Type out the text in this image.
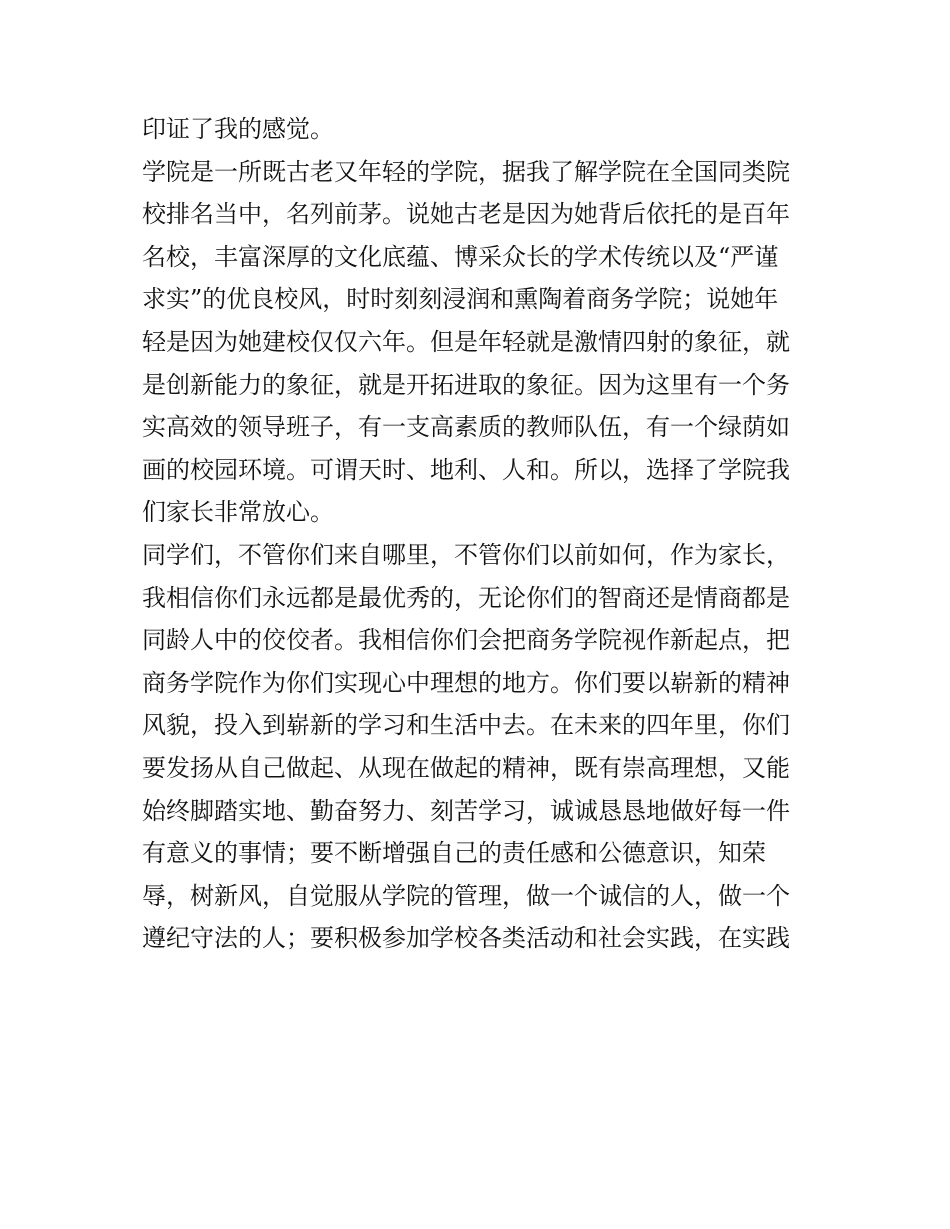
印证了我的感觉。
学院是一所既古老又年轻的学院，据我了解学院在全国同类院
校排名当中，名列前茅。说她古老是因为她背后依托的是百年
名校，丰富深厚的文化底蕴、博采众长的学术传统以及“严谨
求实”的优良校风，时时刻刻浸润和熏陶着商务学院；说她年
轻是因为她建校仅仅六年。但是年轻就是激情四射的象征，就
是创新能力的象征，就是开拓进取的象征。因为这里有一个务
实高效的领导班子，有一支高素质的教师队伍，有一个绿荫如
画的校园环境。可谓天时、地利、人和。所以，选择了学院我
们家长非常放心。
同学们，不管你们来自哪里，不管你们以前如何，作为家长，
我相信你们永远都是最优秀的，无论你们的智商还是情商都是
同龄人中的佼佼者。我相信你们会把商务学院视作新起点，把
商务学院作为你们实现心中理想的地方。你们要以崭新的精神
风貌，投入到崭新的学习和生活中去。在未来的四年里，你们
要发扬从自己做起、从现在做起的精神，既有崇高理想，又能
始终脚踏实地、勤奋努力、刻苦学习，诚诚恳恳地做好每一件
有意义的事情；要不断增强自己的责任感和公德意识，知荣
辱，树新风，自觉服从学院的管理，做一个诚信的人，做一个
遵纪守法的人；要积极参加学校各类活动和社会实践，在实践
